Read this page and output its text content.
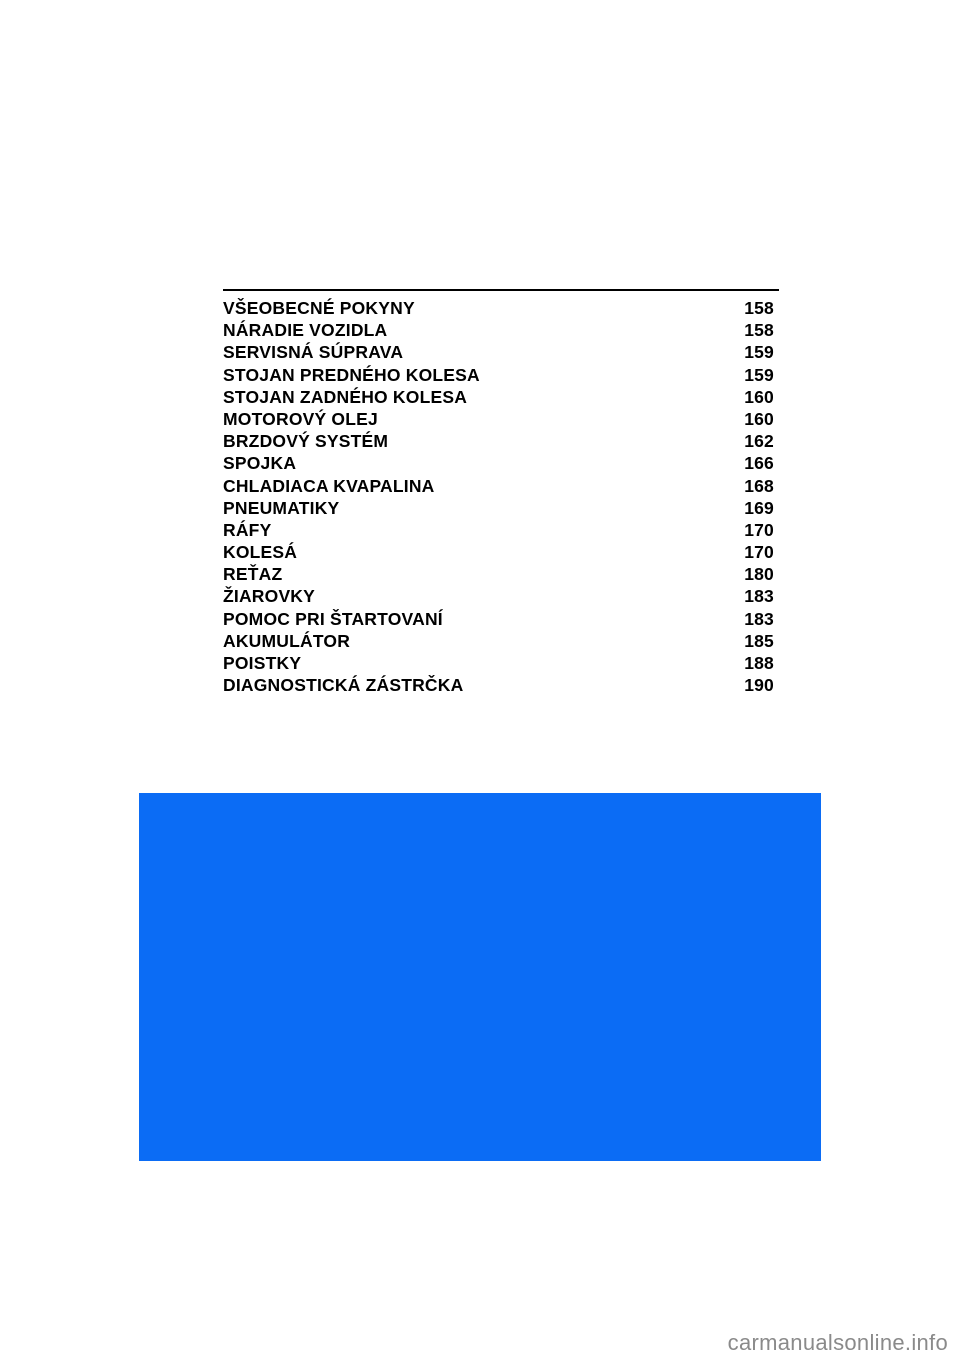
VŠEOBECNÉ POKYNY	158
NÁRADIE VOZIDLA	158
SERVISNÁ SÚPRAVA	159
STOJAN PREDNÉHO KOLESA	159
STOJAN ZADNÉHO KOLESA	160
MOTOROVÝ OLEJ	160
BRZDOVÝ SYSTÉM	162
SPOJKA	166
CHLADIACA KVAPALINA	168
PNEUMATIKY	169
RÁFY	170
KOLESÁ	170
REŤAZ	180
ŽIAROVKY	183
POMOC PRI ŠTARTOVANÍ	183
AKUMULÁTOR	185
POISTKY	188
DIAGNOSTICKÁ ZÁSTRČKA	190
carmanualsonline.info
